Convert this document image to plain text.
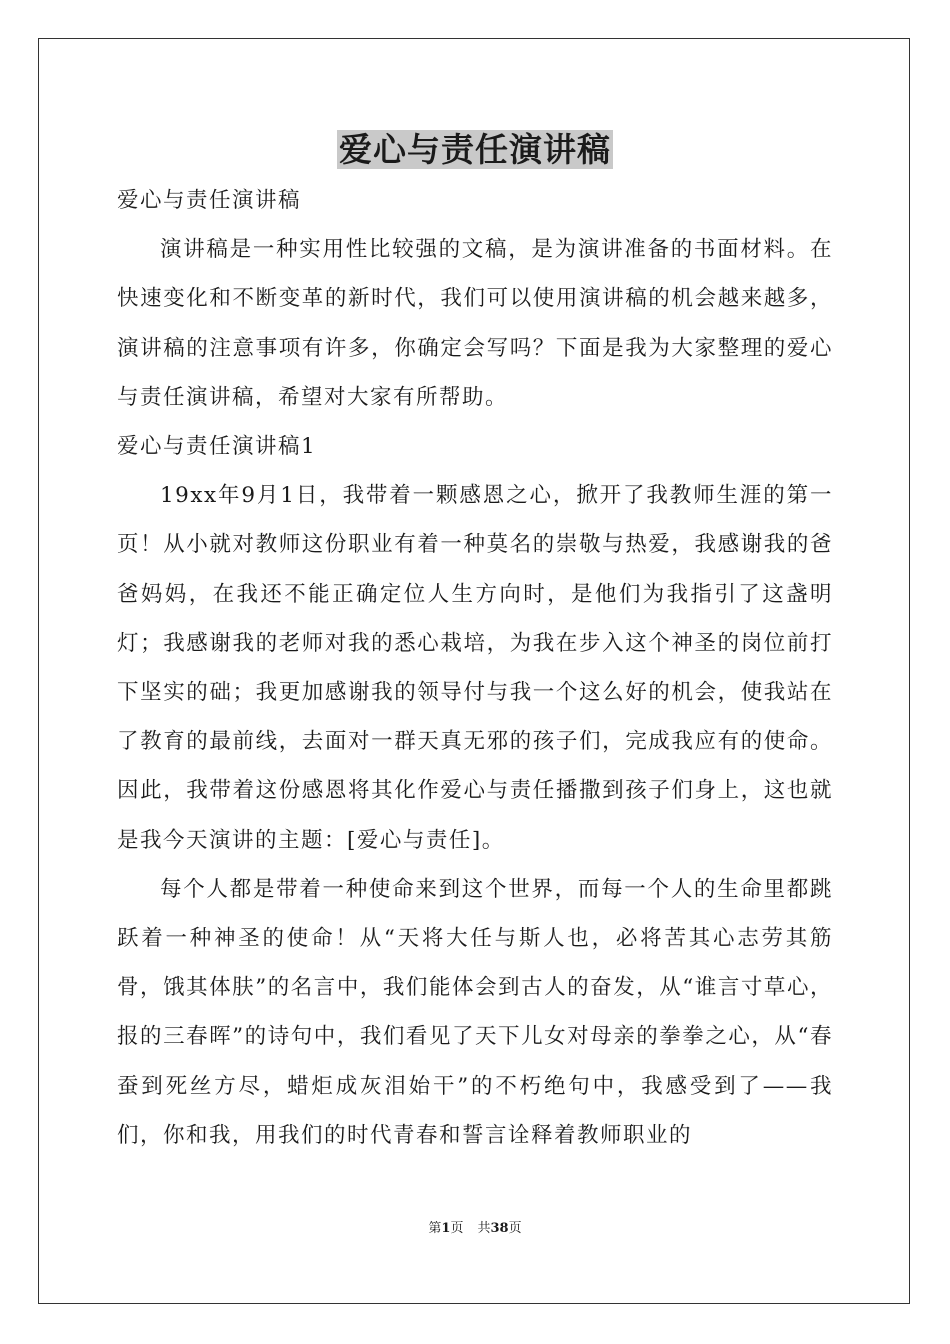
爱心与责任演讲稿

爱心与责任演讲稿

演讲稿是一种实用性比较强的文稿，是为演讲准备的书面材料。在快速变化和不断变革的新时代，我们可以使用演讲稿的机会越来越多，演讲稿的注意事项有许多，你确定会写吗？下面是我为大家整理的爱心与责任演讲稿，希望对大家有所帮助。

爱心与责任演讲稿1

19xx年9月1日，我带着一颗感恩之心，掀开了我教师生涯的第一页！从小就对教师这份职业有着一种莫名的崇敬与热爱，我感谢我的爸爸妈妈，在我还不能正确定位人生方向时，是他们为我指引了这盏明灯；我感谢我的老师对我的悉心栽培，为我在步入这个神圣的岗位前打下坚实的础；我更加感谢我的领导付与我一个这么好的机会，使我站在了教育的最前线，去面对一群天真无邪的孩子们，完成我应有的使命。因此，我带着这份感恩将其化作爱心与责任播撒到孩子们身上，这也就是我今天演讲的主题：[爱心与责任]。

每个人都是带着一种使命来到这个世界，而每一个人的生命里都跳跃着一种神圣的使命！从“天将大任与斯人也，必将苦其心志劳其筋骨，饿其体肤”的名言中，我们能体会到古人的奋发，从“谁言寸草心，报的三春晖”的诗句中，我们看见了天下儿女对母亲的拳拳之心，从“春蚕到死丝方尽，蜡炬成灰泪始干”的不朽绝句中，我感受到了——我们，你和我，用我们的时代青春和誓言诠释着教师职业的

第1页 共38页
